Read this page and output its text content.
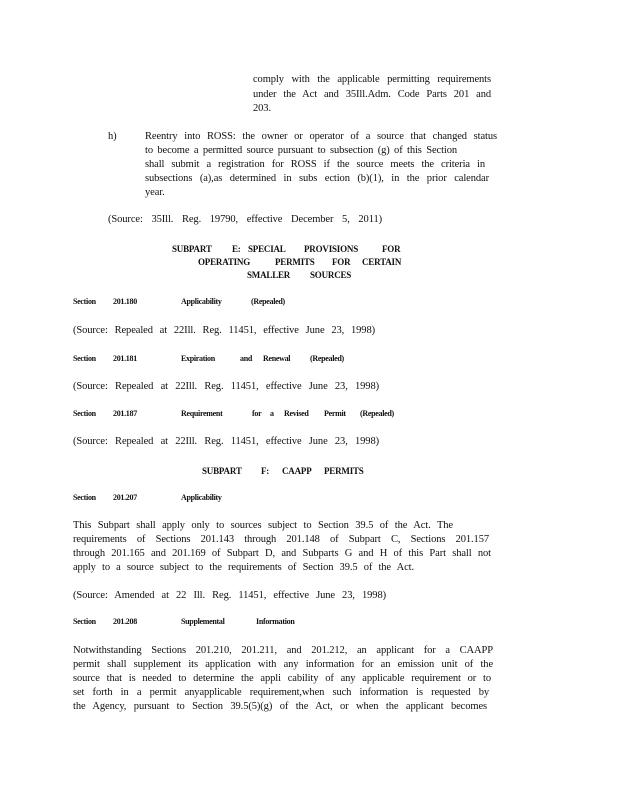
comply with the applicable permitting requirements
under the Act and 35Ill.Adm. Code Parts 201 and
203.
h)	Reentry into ROSS: the owner or operator of a source that changed status
to become a permitted source pursuant to subsection (g) of this Section
shall submit a registration for ROSS if the source meets the criteria in
subsections (a),as determined in subs ection (b)(1), in the prior calendar
year.
(Source: 35Ill. Reg. 19790, effective December 5, 2011)

SUBPART

E:

SPECIAL

PROVISIONS

	FOR

OPERATING

	PERMITS

FOR

CERTAIN

SMALLER

SOURCES

Section 201.180	Applicability	(Repealed)
(Source: Repealed at 22Ill. Reg. 11451, effective June 23, 1998)
Section 201.181	Expiration	and Renewal (Repealed)
(Source: Repealed at 22Ill. Reg. 11451, effective June 23, 1998)
Section 201.187	Requirement	for a Revised Permit (Repealed)
(Source: Repealed at 22Ill. Reg. 11451, effective June 23, 1998)

SUBPART

F:

CAAPP

PERMITS

Section 201.207	Applicability
This Subpart shall apply only to sources subject to Section 39.5 of the Act. The
requirements of Sections 201.143 through 201.148 of Subpart C, Sections 201.157
through 201.165 and 201.169 of Subpart D, and Subparts G and H of this Part shall not
apply to a source subject to the requirements of Section 39.5 of the Act.
(Source: Amended at 22 Ill. Reg. 11451, effective June 23, 1998)
Section 201.208	Supplemental	Information
Notwithstanding Sections 201.210, 201.211, and 201.212, an applicant for a CAAPP
permit shall supplement its application with any information for an emission unit of the
source that is needed to determine the appli cability of any applicable requirement or to
set forth in a permit anyapplicable requirement,when such information is requested by
the Agency, pursuant to Section 39.5(5)(g) of the Act, or when the applicant becomes
